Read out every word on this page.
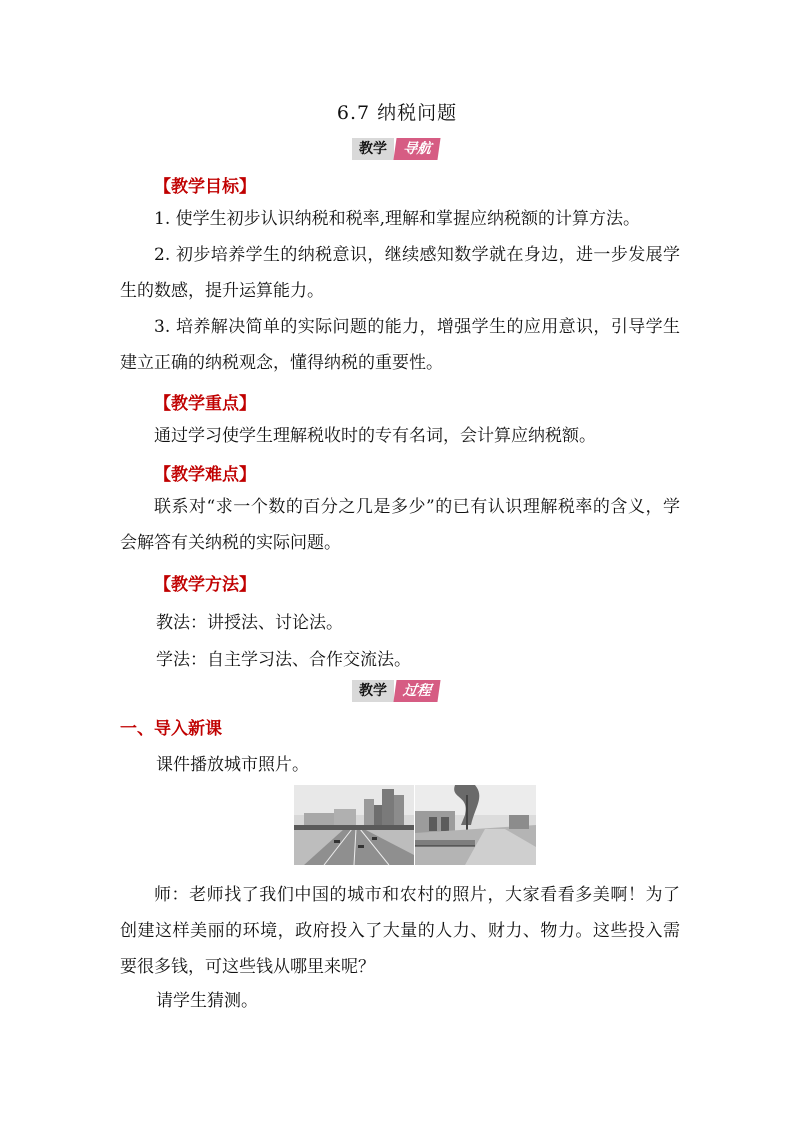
6.7 纳税问题
教学	导航
【教学目标】
1. 使学生初步认识纳税和税率,理解和掌握应纳税额的计算方法。
2. 初步培养学生的纳税意识，继续感知数学就在身边，进一步发展学生的数感，提升运算能力。
3. 培养解决简单的实际问题的能力，增强学生的应用意识，引导学生建立正确的纳税观念，懂得纳税的重要性。
【教学重点】
通过学习使学生理解税收时的专有名词，会计算应纳税额。
【教学难点】
联系对“求一个数的百分之几是多少”的已有认识理解税率的含义，学会解答有关纳税的实际问题。
【教学方法】
教法：讲授法、讨论法。
学法：自主学习法、合作交流法。
教学	过程
一、导入新课
课件播放城市照片。
师：老师找了我们中国的城市和农村的照片，大家看看多美啊！为了创建这样美丽的环境，政府投入了大量的人力、财力、物力。这些投入需要很多钱，可这些钱从哪里来呢？
请学生猜测。
